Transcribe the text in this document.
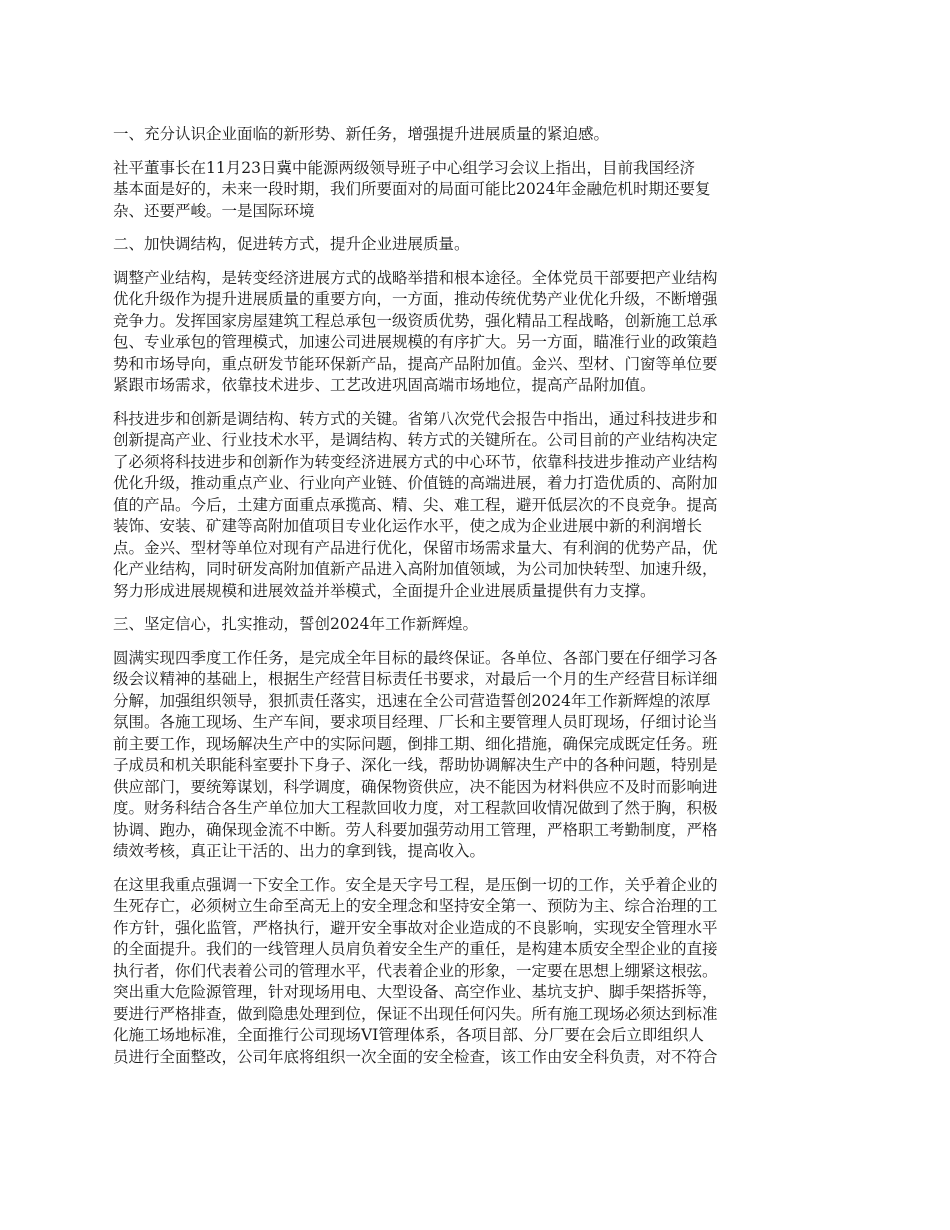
一、充分认识企业面临的新形势、新任务，增强提升进展质量的紧迫感。

社平董事长在11月23日冀中能源两级领导班子中心组学习会议上指出，目前我国经济
基本面是好的，未来一段时期，我们所要面对的局面可能比2024年金融危机时期还要复
杂、还要严峻。一是国际环境

二、加快调结构，促进转方式，提升企业进展质量。

调整产业结构，是转变经济进展方式的战略举措和根本途径。全体党员干部要把产业结构
优化升级作为提升进展质量的重要方向，一方面，推动传统优势产业优化升级，不断增强
竞争力。发挥国家房屋建筑工程总承包一级资质优势，强化精品工程战略，创新施工总承
包、专业承包的管理模式，加速公司进展规模的有序扩大。另一方面，瞄准行业的政策趋
势和市场导向，重点研发节能环保新产品，提高产品附加值。金兴、型材、门窗等单位要
紧跟市场需求，依靠技术进步、工艺改进巩固高端市场地位，提高产品附加值。

科技进步和创新是调结构、转方式的关键。省第八次党代会报告中指出，通过科技进步和
创新提高产业、行业技术水平，是调结构、转方式的关键所在。公司目前的产业结构决定
了必须将科技进步和创新作为转变经济进展方式的中心环节，依靠科技进步推动产业结构
优化升级，推动重点产业、行业向产业链、价值链的高端进展，着力打造优质的、高附加
值的产品。今后，土建方面重点承揽高、精、尖、难工程，避开低层次的不良竞争。提高
装饰、安装、矿建等高附加值项目专业化运作水平，使之成为企业进展中新的利润增长
点。金兴、型材等单位对现有产品进行优化，保留市场需求量大、有利润的优势产品，优
化产业结构，同时研发高附加值新产品进入高附加值领域，为公司加快转型、加速升级，
努力形成进展规模和进展效益并举模式，全面提升企业进展质量提供有力支撑。

三、坚定信心，扎实推动，誓创2024年工作新辉煌。

圆满实现四季度工作任务，是完成全年目标的最终保证。各单位、各部门要在仔细学习各
级会议精神的基础上，根据生产经营目标责任书要求，对最后一个月的生产经营目标详细
分解，加强组织领导，狠抓责任落实，迅速在全公司营造誓创2024年工作新辉煌的浓厚
氛围。各施工现场、生产车间，要求项目经理、厂长和主要管理人员盯现场，仔细讨论当
前主要工作，现场解决生产中的实际问题，倒排工期、细化措施，确保完成既定任务。班
子成员和机关职能科室要扑下身子、深化一线，帮助协调解决生产中的各种问题，特别是
供应部门，要统筹谋划，科学调度，确保物资供应，决不能因为材料供应不及时而影响进
度。财务科结合各生产单位加大工程款回收力度，对工程款回收情况做到了然于胸，积极
协调、跑办，确保现金流不中断。劳人科要加强劳动用工管理，严格职工考勤制度，严格
绩效考核，真正让干活的、出力的拿到钱，提高收入。

在这里我重点强调一下安全工作。安全是天字号工程，是压倒一切的工作，关乎着企业的
生死存亡，必须树立生命至高无上的安全理念和坚持安全第一、预防为主、综合治理的工
作方针，强化监管，严格执行，避开安全事故对企业造成的不良影响，实现安全管理水平
的全面提升。我们的一线管理人员肩负着安全生产的重任，是构建本质安全型企业的直接
执行者，你们代表着公司的管理水平，代表着企业的形象，一定要在思想上绷紧这根弦。
突出重大危险源管理，针对现场用电、大型设备、高空作业、基坑支护、脚手架搭拆等，
要进行严格排查，做到隐患处理到位，保证不出现任何闪失。所有施工现场必须达到标准
化施工场地标准，全面推行公司现场VI管理体系，各项目部、分厂要在会后立即组织人
员进行全面整改，公司年底将组织一次全面的安全检查，该工作由安全科负责，对不符合
